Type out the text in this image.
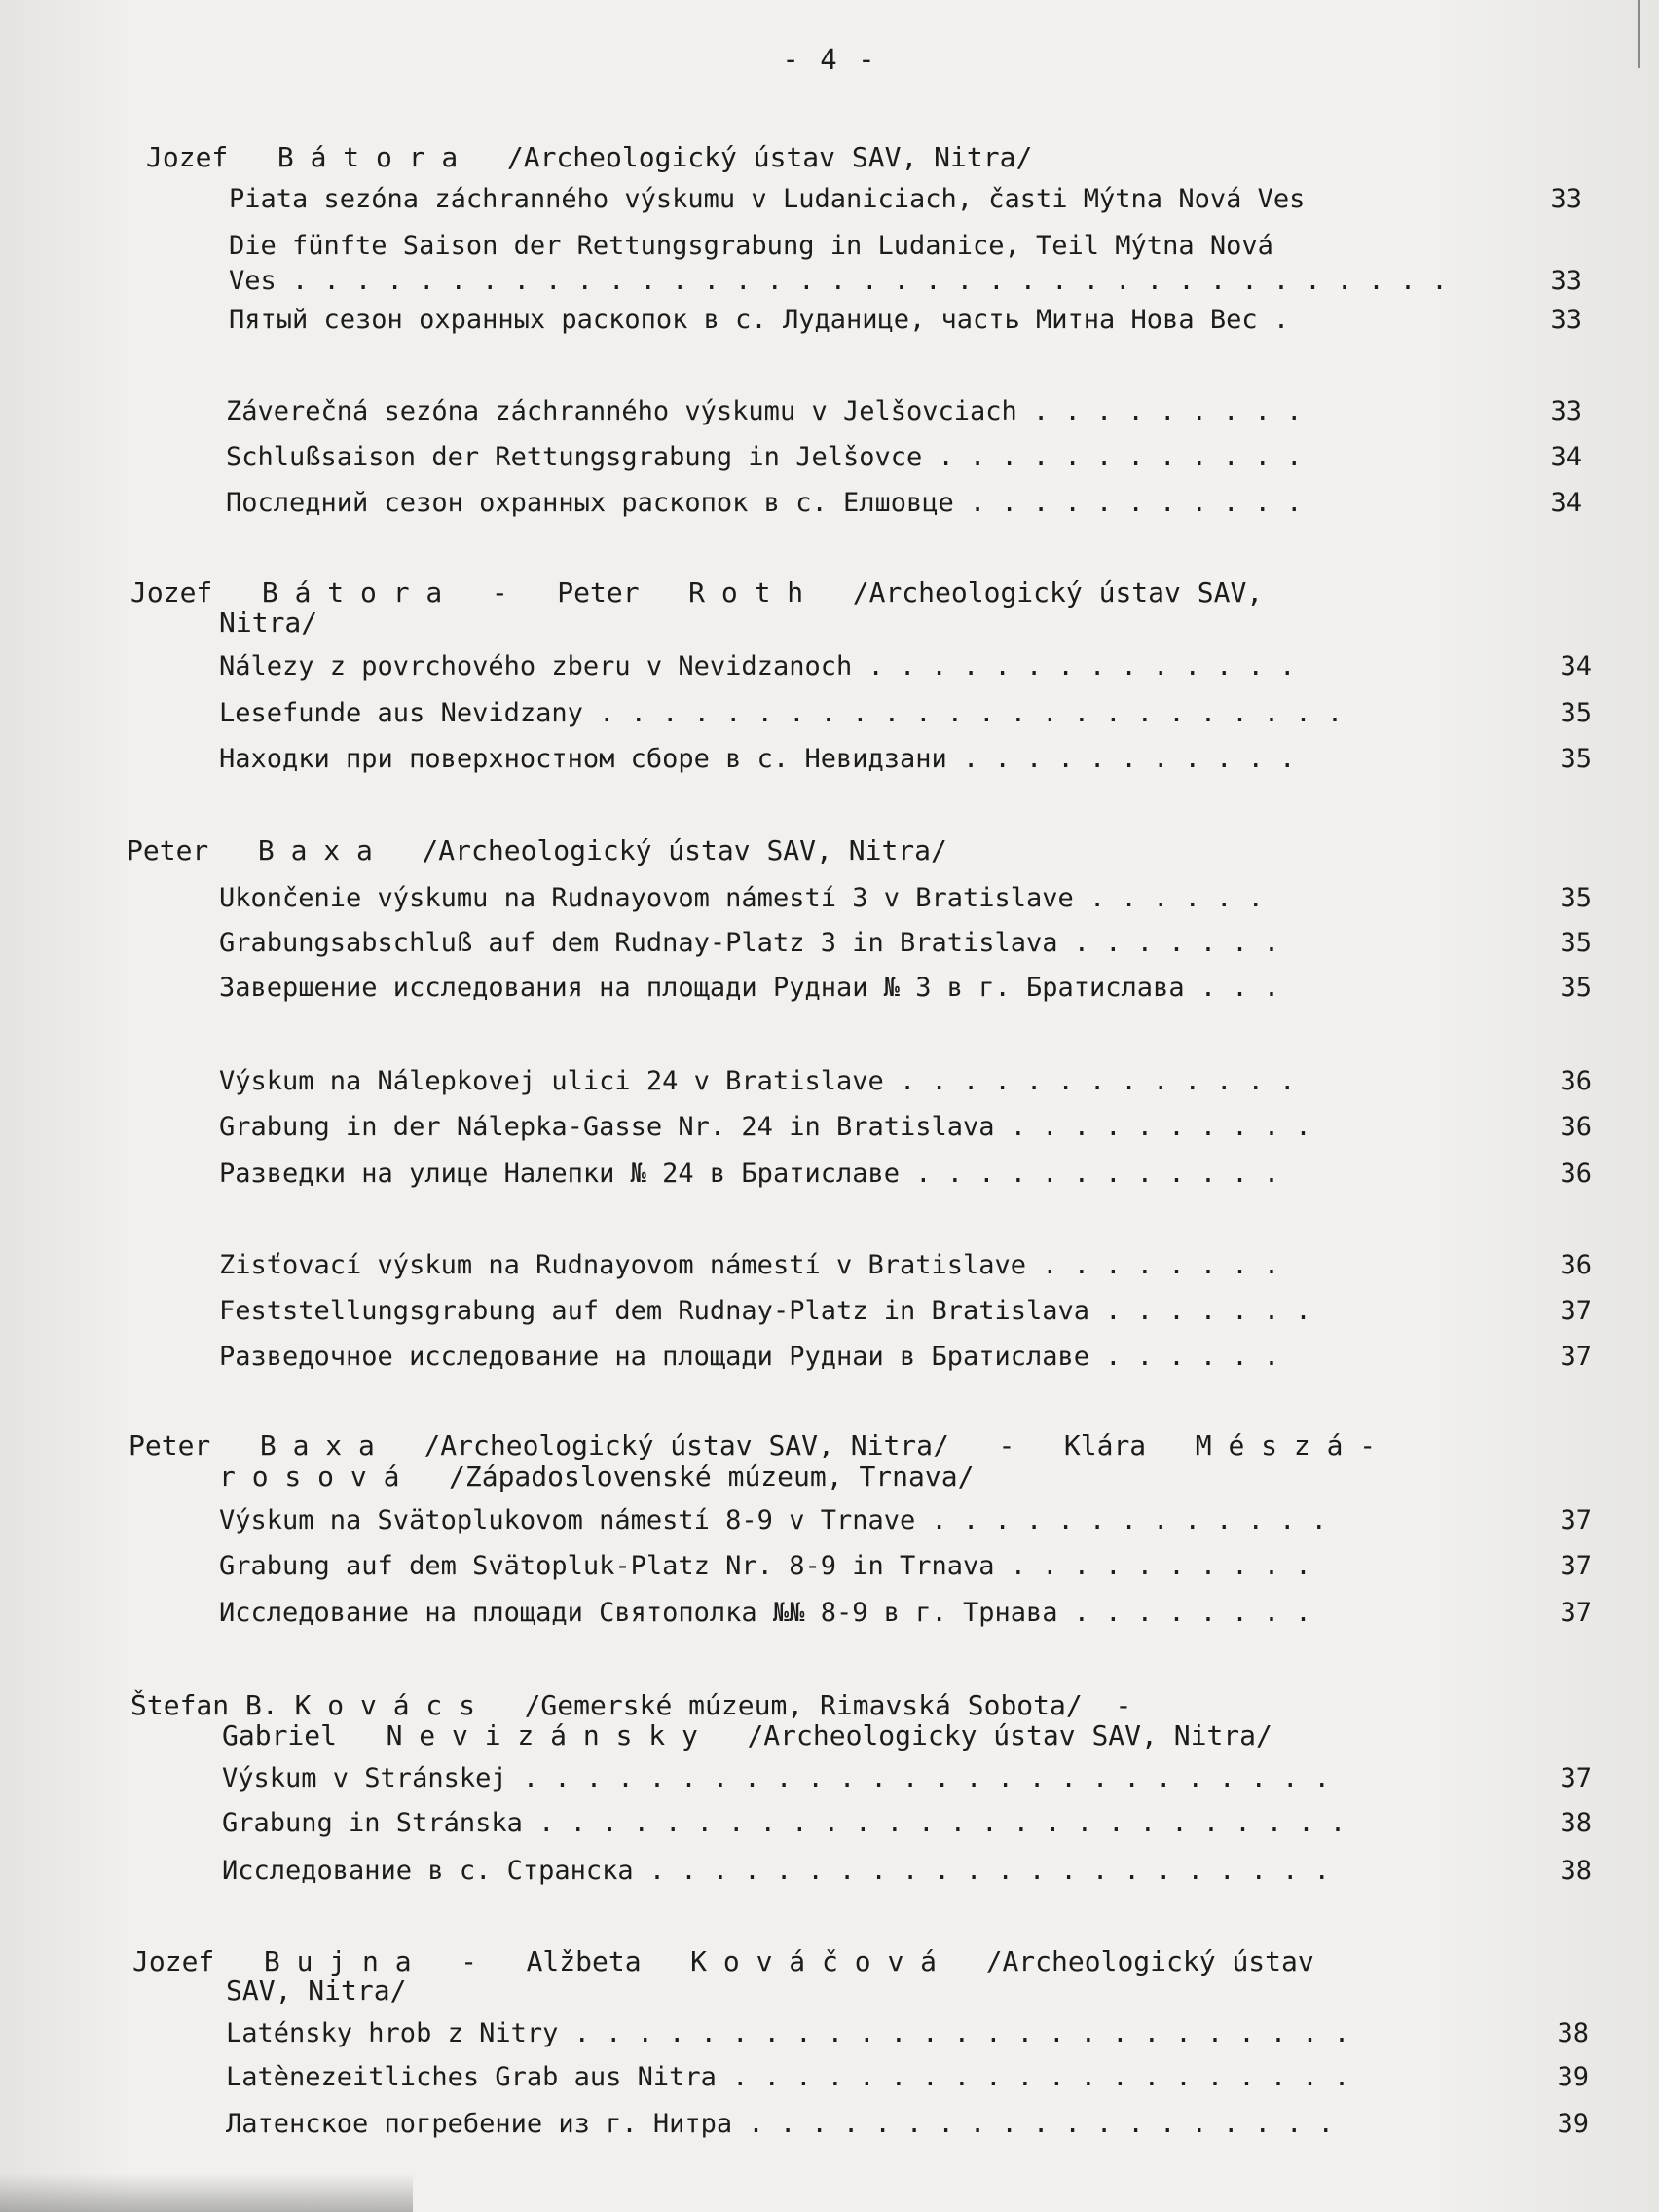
- 4 -
Jozef   B á t o r a   /Archeologický ústav SAV, Nitra/
Piata sezóna záchranného výskumu v Ludaniciach, časti Mýtna Nová Ves	33
Die fünfte Saison der Rettungsgrabung in Ludanice, Teil Mýtna Nová
Ves . . . . . . . . . . . . . . . . . . . . . . . . . . . . . . . . . . . . .	33
Пятый сезон охранных раскопок в с. Луданице, часть Митна Нова Вес .	33
Záverečná sezóna záchranného výskumu v Jelšovciach . . . . . . . . .	33
Schlußsaison der Rettungsgrabung in Jelšovce . . . . . . . . . . . .	34
Последний сезон охранных раскопок в с. Елшовце . . . . . . . . . . .	34
Jozef   B á t o r a   -   Peter   R o t h   /Archeologický ústav SAV,
Nitra/
Nálezy z povrchového zberu v Nevidzanoch . . . . . . . . . . . . . .	34
Lesefunde aus Nevidzany . . . . . . . . . . . . . . . . . . . . . . . .	35
Находки при поверхностном сборе в с. Невидзани . . . . . . . . . . .	35
Peter   B a x a   /Archeologický ústav SAV, Nitra/
Ukončenie výskumu na Rudnayovom námestí 3 v Bratislave . . . . . .	35
Grabungsabschluß auf dem Rudnay-Platz 3 in Bratislava . . . . . . .	35
Завершение исследования на площади Руднаи № 3 в г. Братислава . . .	35
Výskum na Nálepkovej ulici 24 v Bratislave . . . . . . . . . . . . .	36
Grabung in der Nálepka-Gasse Nr. 24 in Bratislava . . . . . . . . . .	36
Разведки на улице Налепки № 24 в Братиславе . . . . . . . . . . . .	36
Zisťovací výskum na Rudnayovom námestí v Bratislave . . . . . . . .	36
Feststellungsgrabung auf dem Rudnay-Platz in Bratislava . . . . . . .	37
Разведочное исследование на площади Руднаи в Братиславе . . . . . .	37
Peter   B a x a   /Archeologický ústav SAV, Nitra/   -   Klára   M é s z á -
r o s o v á   /Západoslovenské múzeum, Trnava/
Výskum na Svätoplukovom námestí 8-9 v Trnave . . . . . . . . . . . . .	37
Grabung auf dem Svätopluk-Platz Nr. 8-9 in Trnava . . . . . . . . . .	37
Исследование на площади Святополка №№ 8-9 в г. Трнава . . . . . . . .	37
Štefan B. K o v á c s   /Gemerské múzeum, Rimavská Sobota/  -
Gabriel   N e v i z á n s k y   /Archeologicky ústav SAV, Nitra/
Výskum v Stránskej . . . . . . . . . . . . . . . . . . . . . . . . . .	37
Grabung in Stránska . . . . . . . . . . . . . . . . . . . . . . . . . .	38
Исследование в с. Странска . . . . . . . . . . . . . . . . . . . . . .	38
Jozef   B u j n a   -   Alžbeta   K o v á č o v á   /Archeologický ústav
SAV, Nitra/
Laténsky hrob z Nitry . . . . . . . . . . . . . . . . . . . . . . . . .	38
Latènezeitliches Grab aus Nitra . . . . . . . . . . . . . . . . . . . .	39
Латенское погребение из г. Нитра . . . . . . . . . . . . . . . . . . .	39
